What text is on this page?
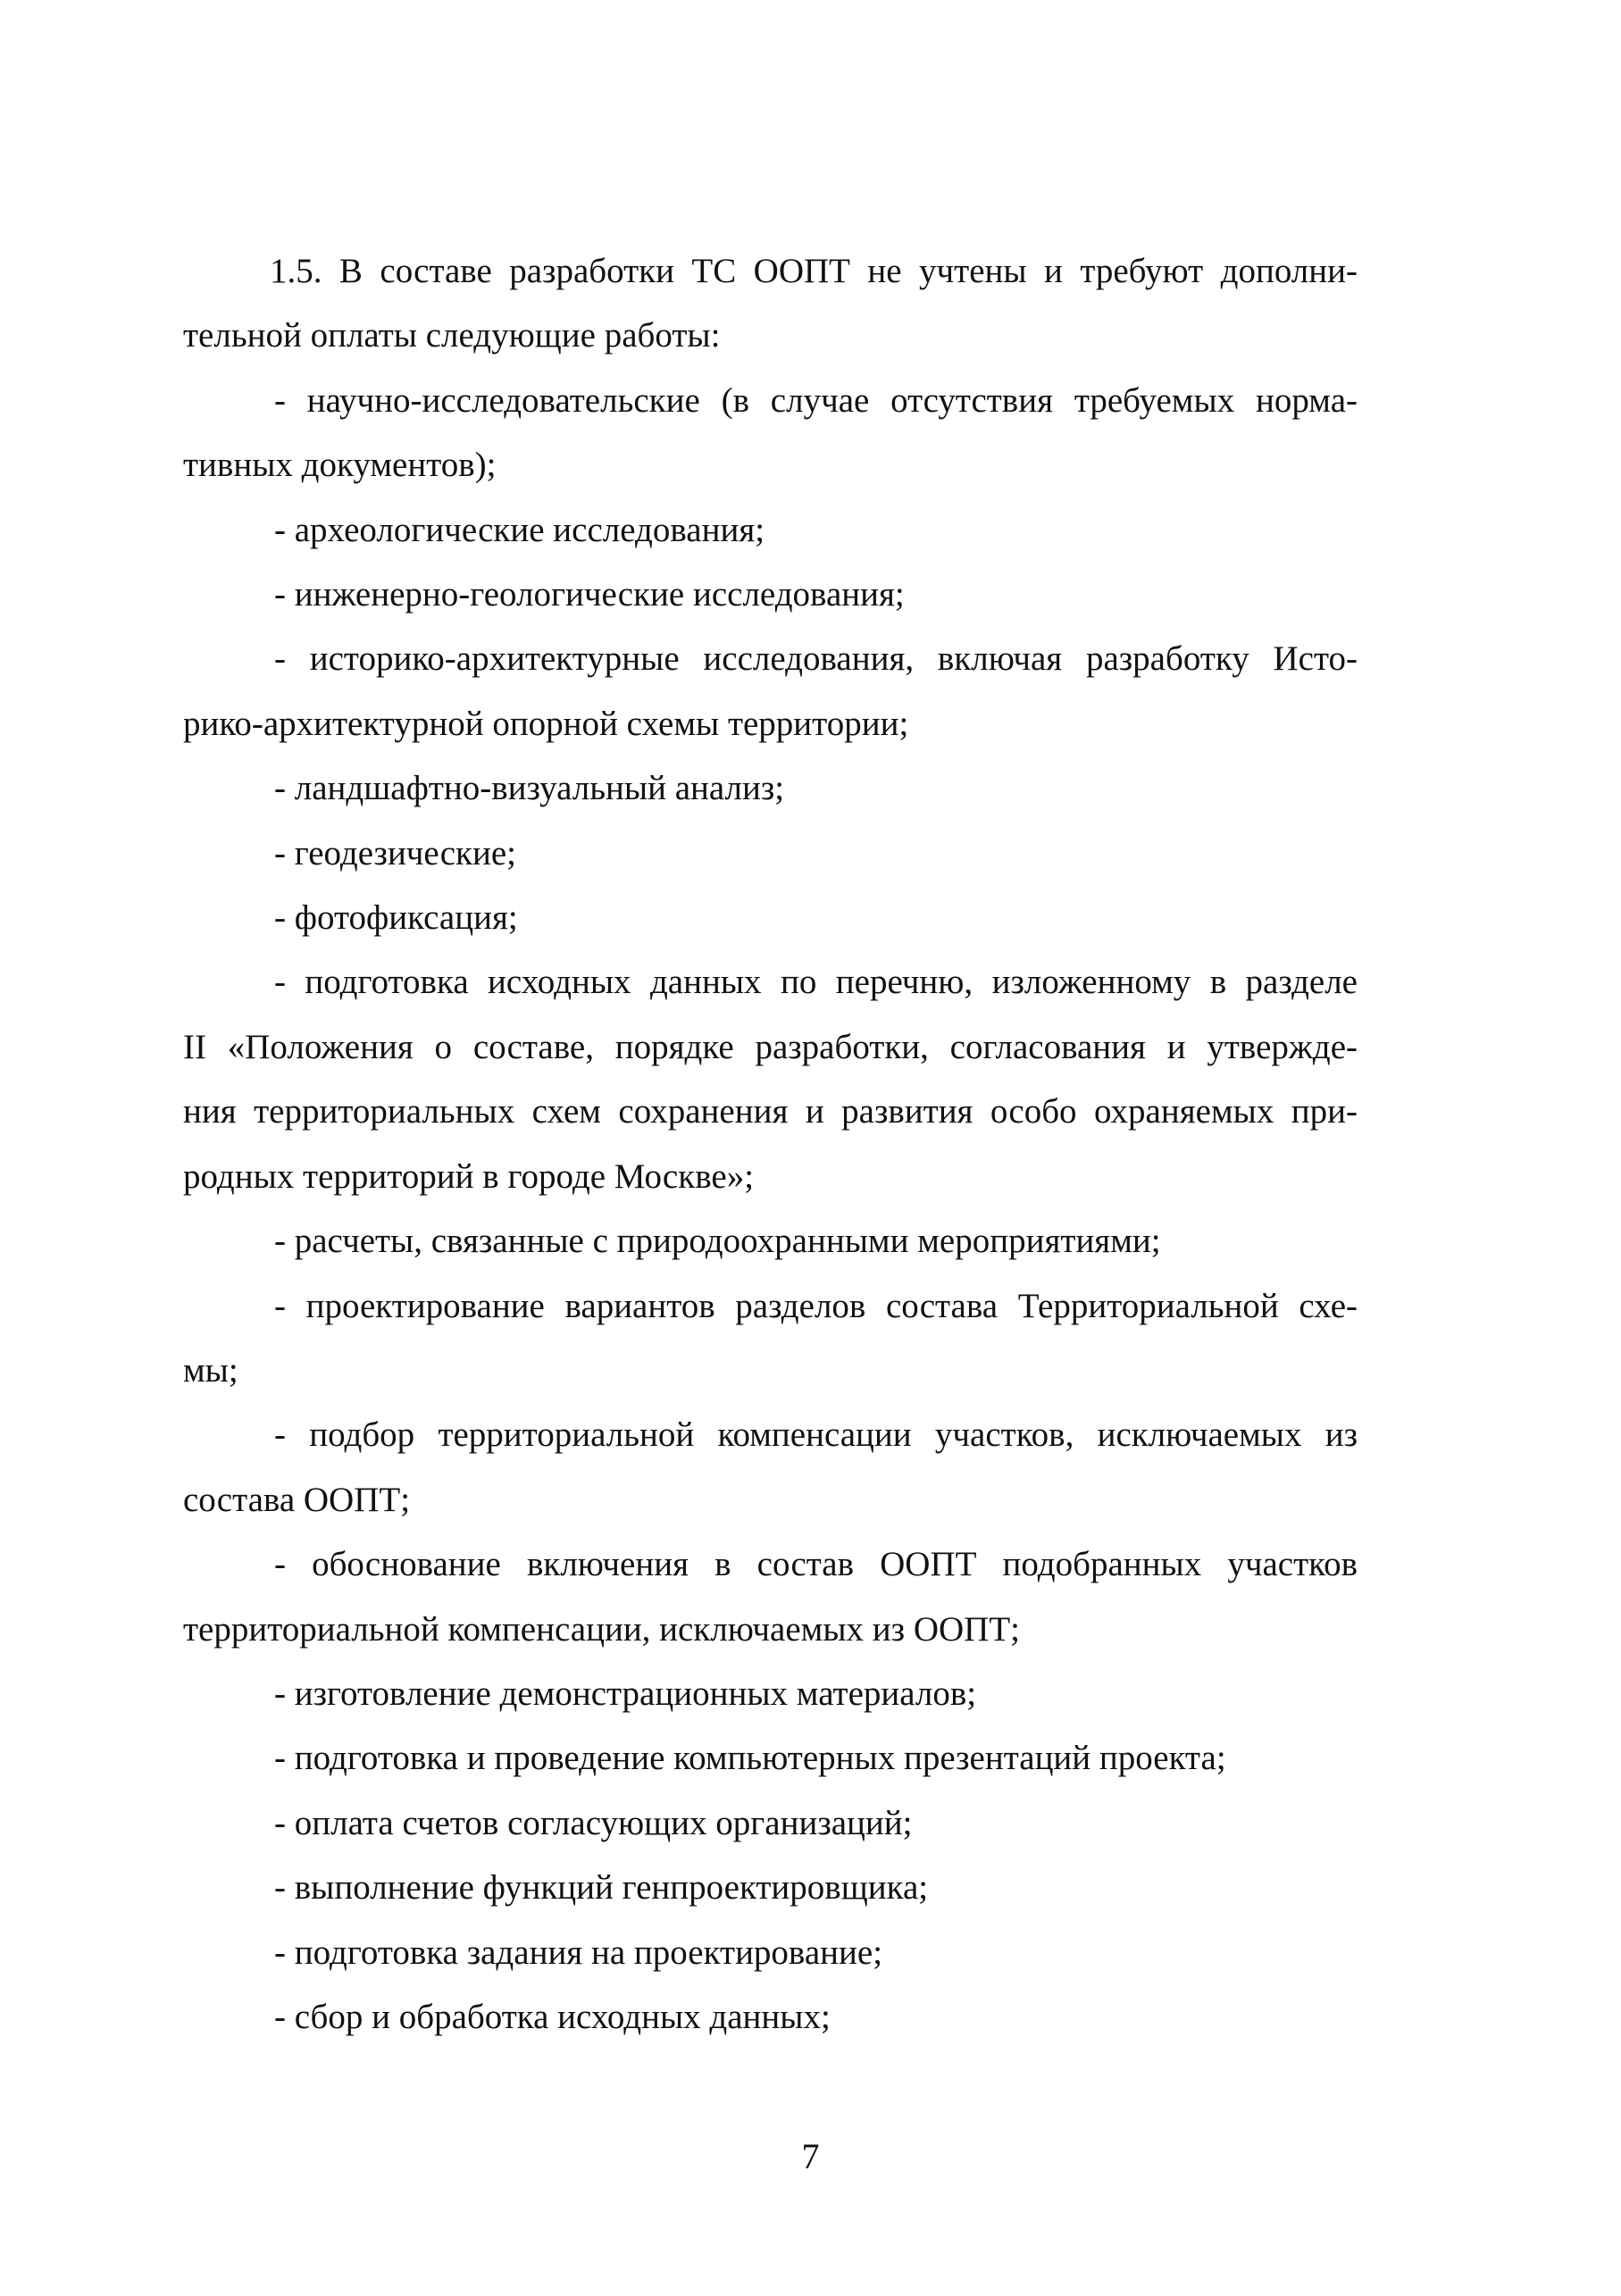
1.5. В составе разработки ТС ООПТ не учтены и требуют дополни-
тельной оплаты следующие работы:

- научно-исследовательские (в случае отсутствия требуемых норма-
тивных документов);

- археологические исследования;

- инженерно-геологические исследования;

- историко-архитектурные исследования, включая разработку Исто-
рико-архитектурной опорной схемы территории;

- ландшафтно-визуальный анализ;

- геодезические;

- фотофиксация;

- подготовка исходных данных по перечню, изложенному в разделе
II «Положения о составе, порядке разработки, согласования и утвержде-
ния территориальных схем сохранения и развития особо охраняемых при-
родных территорий в городе Москве»;

- расчеты, связанные с природоохранными мероприятиями;

- проектирование вариантов разделов состава Территориальной схе-
мы;

- подбор территориальной компенсации участков, исключаемых из
состава ООПТ;

- обоснование включения в состав ООПТ подобранных участков
территориальной компенсации, исключаемых из ООПТ;

- изготовление демонстрационных материалов;

- подготовка и проведение компьютерных презентаций проекта;

- оплата счетов согласующих организаций;

- выполнение функций генпроектировщика;

- подготовка задания на проектирование;

- сбор и обработка исходных данных;

7
